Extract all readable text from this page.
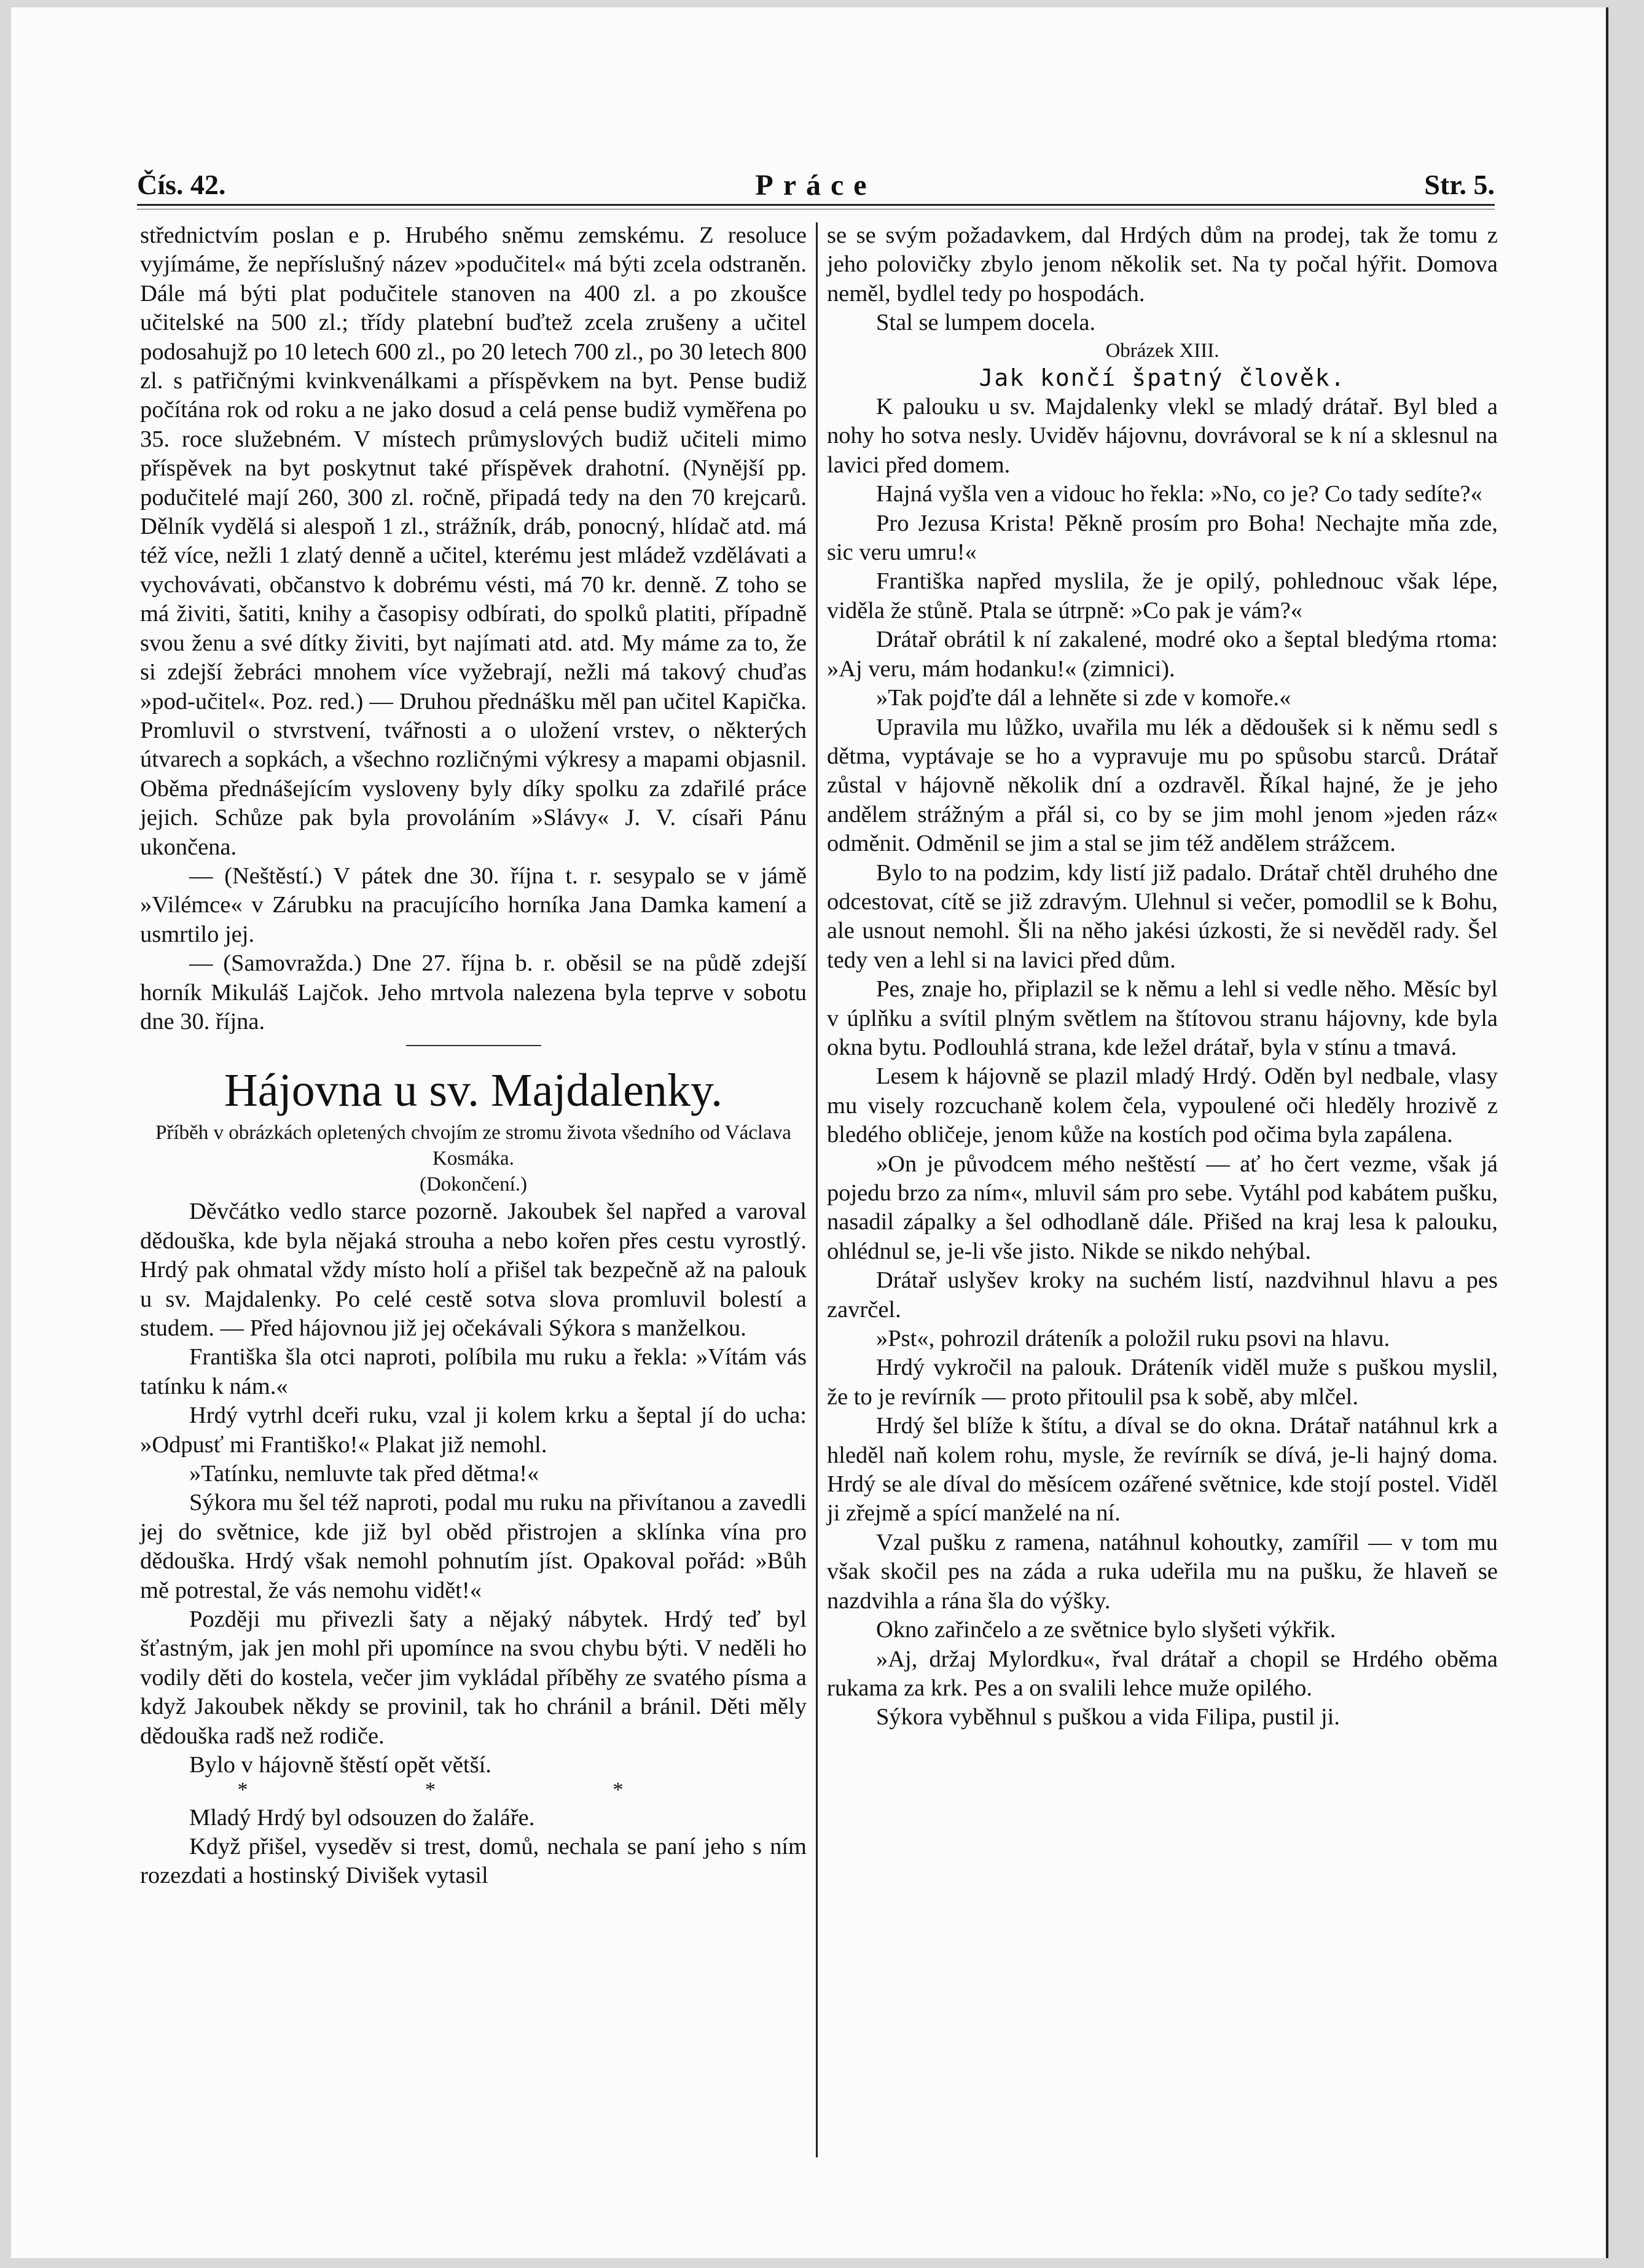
Čís. 42.	Práce	Str. 5.

střednictvím poslan e p. Hrubého sněmu zemskému. Z resoluce vyjímáme, že nepříslušný název »podučitel« má býti zcela odstraněn. Dále má býti plat podučitele stanoven na 400 zl. a po zkoušce učitelské na 500 zl.; třídy platební buďtež zcela zrušeny a učitel podosahujž po 10 letech 600 zl., po 20 letech 700 zl., po 30 letech 800 zl. s patřičnými kvinkvenálkami a příspěvkem na byt. Pense budiž počítána rok od roku a ne jako dosud a celá pense budiž vyměřena po 35. roce služebném. V místech průmyslových budiž učiteli mimo příspěvek na byt poskytnut také příspěvek drahotní. (Nynější pp. podučitelé mají 260, 300 zl. ročně, připadá tedy na den 70 krejcarů. Dělník vydělá si alespoň 1 zl., strážník, dráb, ponocný, hlídač atd. má též více, nežli 1 zlatý denně a učitel, kterému jest mládež vzdělávati a vychovávati, občanstvo k dobrému vésti, má 70 kr. denně. Z toho se má živiti, šatiti, knihy a časopisy odbírati, do spolků platiti, případně svou ženu a své dítky živiti, byt najímati atd. atd. My máme za to, že si zdejší žebráci mnohem více vyžebrají, nežli má takový chuďas »pod-učitel«. Poz. red.) — Druhou přednášku měl pan učitel Kapička. Promluvil o stvrstvení, tvářnosti a o uložení vrstev, o některých útvarech a sopkách, a všechno rozličnými výkresy a mapami objasnil. Oběma přednášejícím vysloveny byly díky spolku za zdařilé práce jejich. Schůze pak byla provoláním »Slávy« J. V. císaři Pánu ukončena.

— (Neštěstí.) V pátek dne 30. října t. r. sesypalo se v jámě »Vilémce« v Zárubku na pracujícího horníka Jana Damka kamení a usmrtilo jej.

— (Samovražda.) Dne 27. října b. r. oběsil se na půdě zdejší horník Mikuláš Lajčok. Jeho mrtvola nalezena byla teprve v sobotu dne 30. října.

Hájovna u sv. Majdalenky.

Příběh v obrázkách opletených chvojím ze stromu života všedního od Václava Kosmáka.

(Dokončení.)

Děvčátko vedlo starce pozorně. Jakoubek šel napřed a varoval dědouška, kde byla nějaká strouha a nebo kořen přes cestu vyrostlý. Hrdý pak ohmatal vždy místo holí a přišel tak bezpečně až na palouk u sv. Majdalenky. Po celé cestě sotva slova promluvil bolestí a studem. — Před hájovnou již jej očekávali Sýkora s manželkou.

Františka šla otci naproti, políbila mu ruku a řekla: »Vítám vás tatínku k nám.«

Hrdý vytrhl dceři ruku, vzal ji kolem krku a šeptal jí do ucha: »Odpusť mi Františko!« Plakat již nemohl.

»Tatínku, nemluvte tak před dětma!«

Sýkora mu šel též naproti, podal mu ruku na přivítanou a zavedli jej do světnice, kde již byl oběd přistrojen a sklínka vína pro dědouška. Hrdý však nemohl pohnutím jíst. Opakoval pořád: »Bůh mě potrestal, že vás nemohu vidět!«

Později mu přivezli šaty a nějaký nábytek. Hrdý teď byl šťastným, jak jen mohl při upomínce na svou chybu býti. V neděli ho vodily děti do kostela, večer jim vykládal příběhy ze svatého písma a když Jakoubek někdy se provinil, tak ho chránil a bránil. Děti měly dědouška radš než rodiče.

Bylo v hájovně štěstí opět větší.

* * *

Mladý Hrdý byl odsouzen do žaláře.

Když přišel, vyseděv si trest, domů, nechala se paní jeho s ním rozezdati a hostinský Divišek vytasil

se se svým požadavkem, dal Hrdých dům na prodej, tak že tomu z jeho polovičky zbylo jenom několik set. Na ty počal hýřit. Domova neměl, bydlel tedy po hospodách.

Stal se lumpem docela.

Obrázek XIII.

Jak končí špatný člověk.

K palouku u sv. Majdalenky vlekl se mladý drátař. Byl bled a nohy ho sotva nesly. Uviděv hájovnu, dovrávoral se k ní a sklesnul na lavici před domem.

Hajná vyšla ven a vidouc ho řekla: »No, co je? Co tady sedíte?«

Pro Jezusa Krista! Pěkně prosím pro Boha! Nechajte mňa zde, sic veru umru!«

Františka napřed myslila, že je opilý, pohlednouc však lépe, viděla že stůně. Ptala se útrpně: »Co pak je vám?«

Drátař obrátil k ní zakalené, modré oko a šeptal bledýma rtoma: »Aj veru, mám hodanku!« (zimnici).

»Tak pojďte dál a lehněte si zde v komoře.«

Upravila mu lůžko, uvařila mu lék a dědoušek si k němu sedl s dětma, vyptávaje se ho a vypravuje mu po spůsobu starců. Drátař zůstal v hájovně několik dní a ozdravěl. Říkal hajné, že je jeho andělem strážným a přál si, co by se jim mohl jenom »jeden ráz« odměnit. Odměnil se jim a stal se jim též andělem strážcem.

Bylo to na podzim, kdy listí již padalo. Drátař chtěl druhého dne odcestovat, cítě se již zdravým. Ulehnul si večer, pomodlil se k Bohu, ale usnout nemohl. Šli na něho jakési úzkosti, že si nevěděl rady. Šel tedy ven a lehl si na lavici před dům.

Pes, znaje ho, připlazil se k němu a lehl si vedle něho. Měsíc byl v úplňku a svítil plným světlem na štítovou stranu hájovny, kde byla okna bytu. Podlouhlá strana, kde ležel drátař, byla v stínu a tmavá.

Lesem k hájovně se plazil mladý Hrdý. Oděn byl nedbale, vlasy mu visely rozcuchaně kolem čela, vypoulené oči hleděly hrozivě z bledého obličeje, jenom kůže na kostích pod očima byla zapálena.

»On je původcem mého neštěstí — ať ho čert vezme, však já pojedu brzo za ním«, mluvil sám pro sebe. Vytáhl pod kabátem pušku, nasadil zápalky a šel odhodlaně dále. Přišed na kraj lesa k palouku, ohlédnul se, je-li vše jisto. Nikde se nikdo nehýbal.

Drátař uslyšev kroky na suchém listí, nazdvihnul hlavu a pes zavrčel.

»Pst«, pohrozil dráteník a položil ruku psovi na hlavu.

Hrdý vykročil na palouk. Dráteník viděl muže s puškou myslil, že to je revírník — proto přitoulil psa k sobě, aby mlčel.

Hrdý šel blíže k štítu, a díval se do okna. Drátař natáhnul krk a hleděl naň kolem rohu, mysle, že revírník se dívá, je-li hajný doma. Hrdý se ale díval do měsícem ozářené světnice, kde stojí postel. Viděl ji zřejmě a spící manželé na ní.

Vzal pušku z ramena, natáhnul kohoutky, zamířil — v tom mu však skočil pes na záda a ruka udeřila mu na pušku, že hlaveň se nazdvihla a rána šla do výšky.

Okno zařinčelo a ze světnice bylo slyšeti výkřik.

»Aj, držaj Mylordku«, řval drátař a chopil se Hrdého oběma rukama za krk. Pes a on svalili lehce muže opilého.

Sýkora vyběhnul s puškou a vida Filipa, pustil ji.
